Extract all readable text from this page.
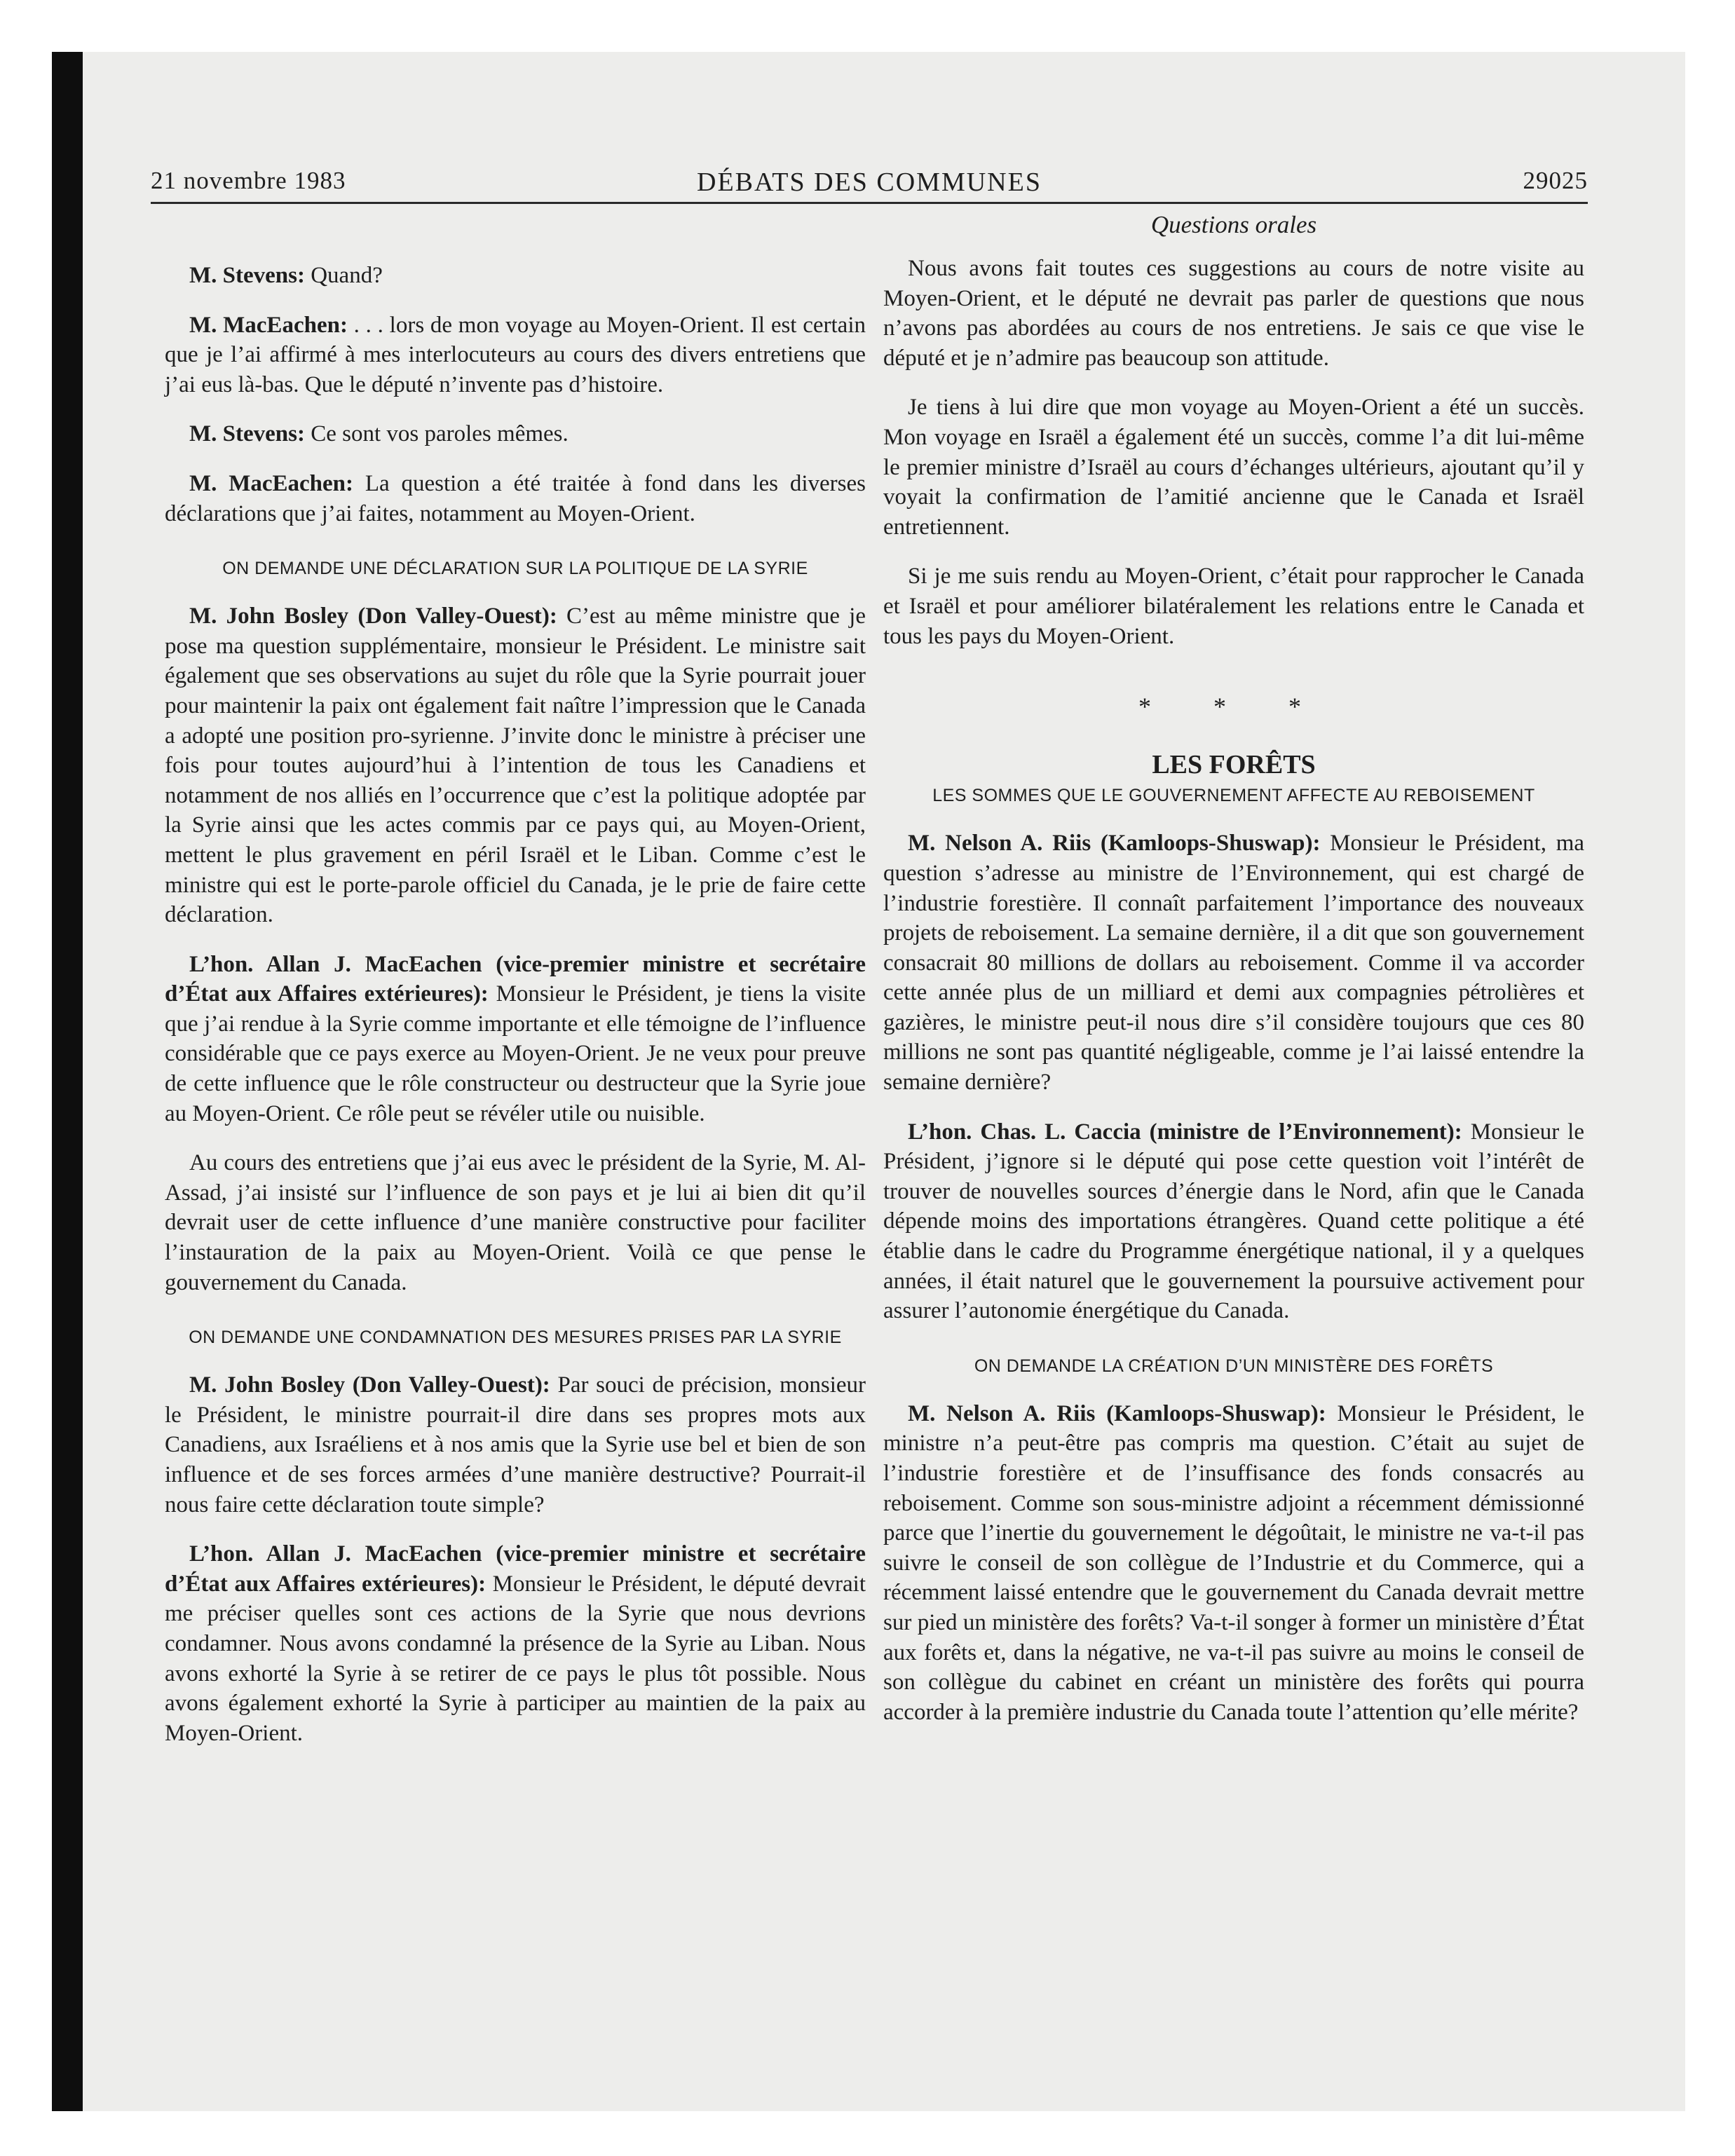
21 novembre 1983	DÉBATS DES COMMUNES	29025

M. Stevens: Quand?

M. MacEachen: . . . lors de mon voyage au Moyen-Orient. Il est certain que je l’ai affirmé à mes interlocuteurs au cours des divers entretiens que j’ai eus là-bas. Que le député n’invente pas d’histoire.

M. Stevens: Ce sont vos paroles mêmes.

M. MacEachen: La question a été traitée à fond dans les diverses déclarations que j’ai faites, notamment au Moyen-Orient.

ON DEMANDE UNE DÉCLARATION SUR LA POLITIQUE DE LA SYRIE

M. John Bosley (Don Valley-Ouest): C’est au même ministre que je pose ma question supplémentaire, monsieur le Président. Le ministre sait également que ses observations au sujet du rôle que la Syrie pourrait jouer pour maintenir la paix ont également fait naître l’impression que le Canada a adopté une position pro-syrienne. J’invite donc le ministre à préciser une fois pour toutes aujourd’hui à l’intention de tous les Canadiens et notamment de nos alliés en l’occurrence que c’est la politique adoptée par la Syrie ainsi que les actes commis par ce pays qui, au Moyen-Orient, mettent le plus gravement en péril Israël et le Liban. Comme c’est le ministre qui est le porte-parole officiel du Canada, je le prie de faire cette déclaration.

L’hon. Allan J. MacEachen (vice-premier ministre et secrétaire d’État aux Affaires extérieures): Monsieur le Président, je tiens la visite que j’ai rendue à la Syrie comme importante et elle témoigne de l’influence considérable que ce pays exerce au Moyen-Orient. Je ne veux pour preuve de cette influence que le rôle constructeur ou destructeur que la Syrie joue au Moyen-Orient. Ce rôle peut se révéler utile ou nuisible.

Au cours des entretiens que j’ai eus avec le président de la Syrie, M. Al-Assad, j’ai insisté sur l’influence de son pays et je lui ai bien dit qu’il devrait user de cette influence d’une manière constructive pour faciliter l’instauration de la paix au Moyen-Orient. Voilà ce que pense le gouvernement du Canada.

ON DEMANDE UNE CONDAMNATION DES MESURES PRISES PAR LA SYRIE

M. John Bosley (Don Valley-Ouest): Par souci de précision, monsieur le Président, le ministre pourrait-il dire dans ses propres mots aux Canadiens, aux Israéliens et à nos amis que la Syrie use bel et bien de son influence et de ses forces armées d’une manière destructive? Pourrait-il nous faire cette déclaration toute simple?

L’hon. Allan J. MacEachen (vice-premier ministre et secrétaire d’État aux Affaires extérieures): Monsieur le Président, le député devrait me préciser quelles sont ces actions de la Syrie que nous devrions condamner. Nous avons condamné la présence de la Syrie au Liban. Nous avons exhorté la Syrie à se retirer de ce pays le plus tôt possible. Nous avons également exhorté la Syrie à participer au maintien de la paix au Moyen-Orient.

Questions orales

Nous avons fait toutes ces suggestions au cours de notre visite au Moyen-Orient, et le député ne devrait pas parler de questions que nous n’avons pas abordées au cours de nos entretiens. Je sais ce que vise le député et je n’admire pas beaucoup son attitude.

Je tiens à lui dire que mon voyage au Moyen-Orient a été un succès. Mon voyage en Israël a également été un succès, comme l’a dit lui-même le premier ministre d’Israël au cours d’échanges ultérieurs, ajoutant qu’il y voyait la confirmation de l’amitié ancienne que le Canada et Israël entretiennent.

Si je me suis rendu au Moyen-Orient, c’était pour rapprocher le Canada et Israël et pour améliorer bilatéralement les relations entre le Canada et tous les pays du Moyen-Orient.

* * *
LES FORÊTS
LES SOMMES QUE LE GOUVERNEMENT AFFECTE AU REBOISEMENT

M. Nelson A. Riis (Kamloops-Shuswap): Monsieur le Président, ma question s’adresse au ministre de l’Environnement, qui est chargé de l’industrie forestière. Il connaît parfaitement l’importance des nouveaux projets de reboisement. La semaine dernière, il a dit que son gouvernement consacrait 80 millions de dollars au reboisement. Comme il va accorder cette année plus de un milliard et demi aux compagnies pétrolières et gazières, le ministre peut-il nous dire s’il considère toujours que ces 80 millions ne sont pas quantité négligeable, comme je l’ai laissé entendre la semaine dernière?

L’hon. Chas. L. Caccia (ministre de l’Environnement): Monsieur le Président, j’ignore si le député qui pose cette question voit l’intérêt de trouver de nouvelles sources d’énergie dans le Nord, afin que le Canada dépende moins des importations étrangères. Quand cette politique a été établie dans le cadre du Programme énergétique national, il y a quelques années, il était naturel que le gouvernement la poursuive activement pour assurer l’autonomie énergétique du Canada.

ON DEMANDE LA CRÉATION D’UN MINISTÈRE DES FORÊTS

M. Nelson A. Riis (Kamloops-Shuswap): Monsieur le Président, le ministre n’a peut-être pas compris ma question. C’était au sujet de l’industrie forestière et de l’insuffisance des fonds consacrés au reboisement. Comme son sous-ministre adjoint a récemment démissionné parce que l’inertie du gouvernement le dégoûtait, le ministre ne va-t-il pas suivre le conseil de son collègue de l’Industrie et du Commerce, qui a récemment laissé entendre que le gouvernement du Canada devrait mettre sur pied un ministère des forêts? Va-t-il songer à former un ministère d’État aux forêts et, dans la négative, ne va-t-il pas suivre au moins le conseil de son collègue du cabinet en créant un ministère des forêts qui pourra accorder à la première industrie du Canada toute l’attention qu’elle mérite?
